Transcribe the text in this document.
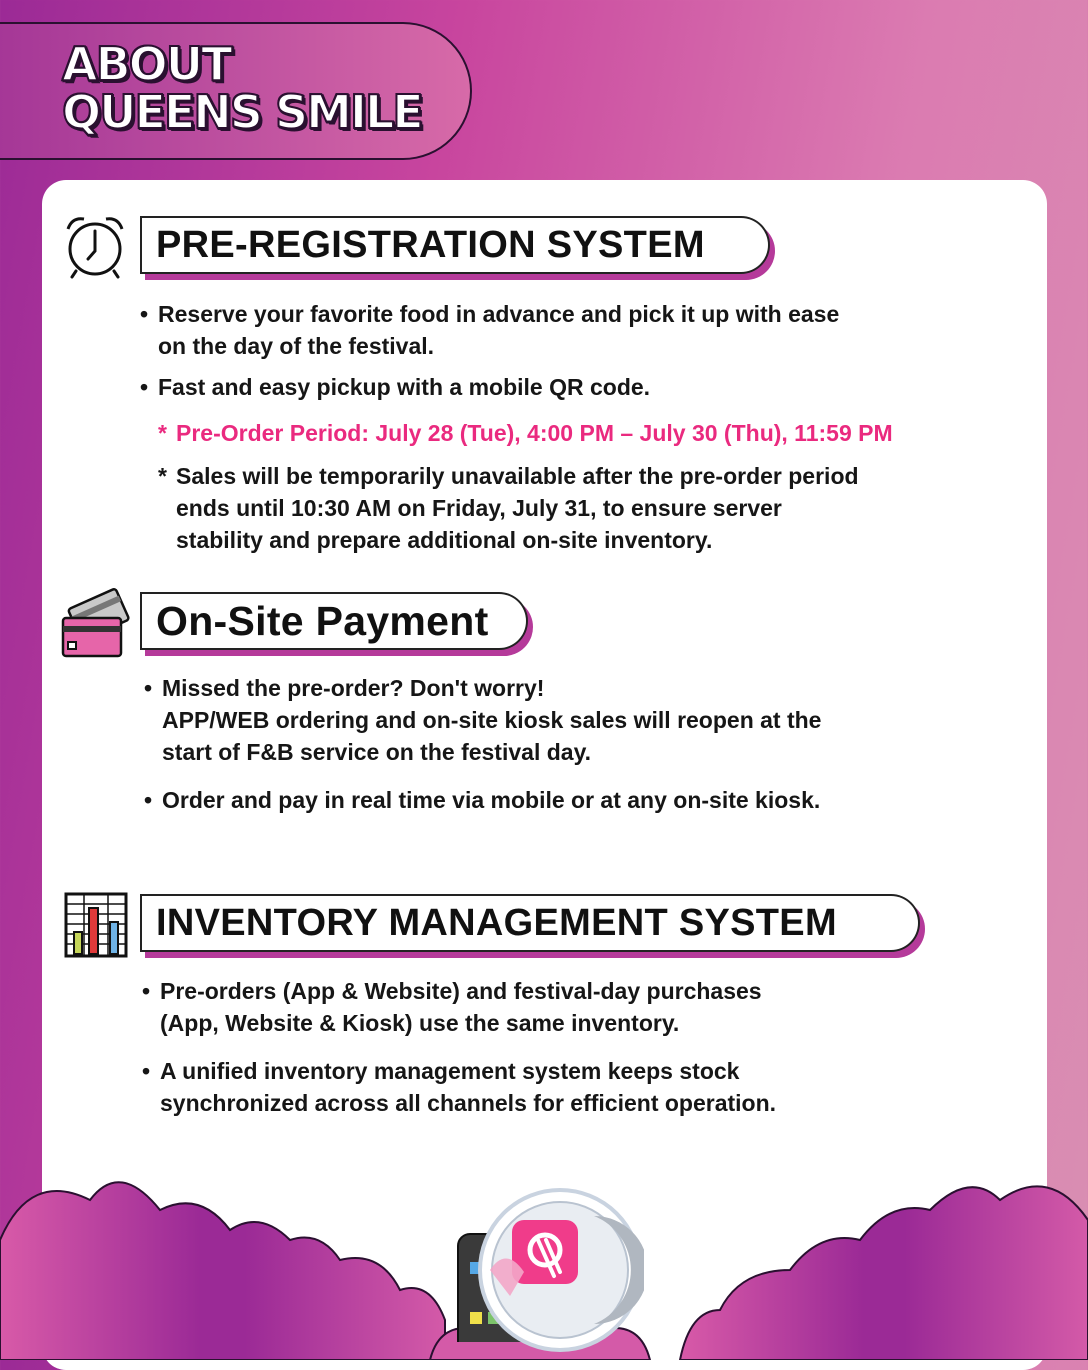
ABOUT
QUEENS SMILE
PRE-REGISTRATION SYSTEM

• Reserve your favorite food in advance and pick it up with ease
on the day of the festival.

• Fast and easy pickup with a mobile QR code.

* Pre-Order Period: July 28 (Tue), 4:00 PM – July 30 (Thu), 11:59 PM

* Sales will be temporarily unavailable after the pre-order period
ends until 10:30 AM on Friday, July 31, to ensure server
stability and prepare additional on-site inventory.

On-Site Payment

• Missed the pre-order? Don't worry!
APP/WEB ordering and on-site kiosk sales will reopen at the
start of F&B service on the festival day.

• Order and pay in real time via mobile or at any on-site kiosk.

INVENTORY MANAGEMENT SYSTEM

• Pre-orders (App & Website) and festival-day purchases
(App, Website & Kiosk) use the same inventory.

• A unified inventory management system keeps stock
synchronized across all channels for efficient operation.
